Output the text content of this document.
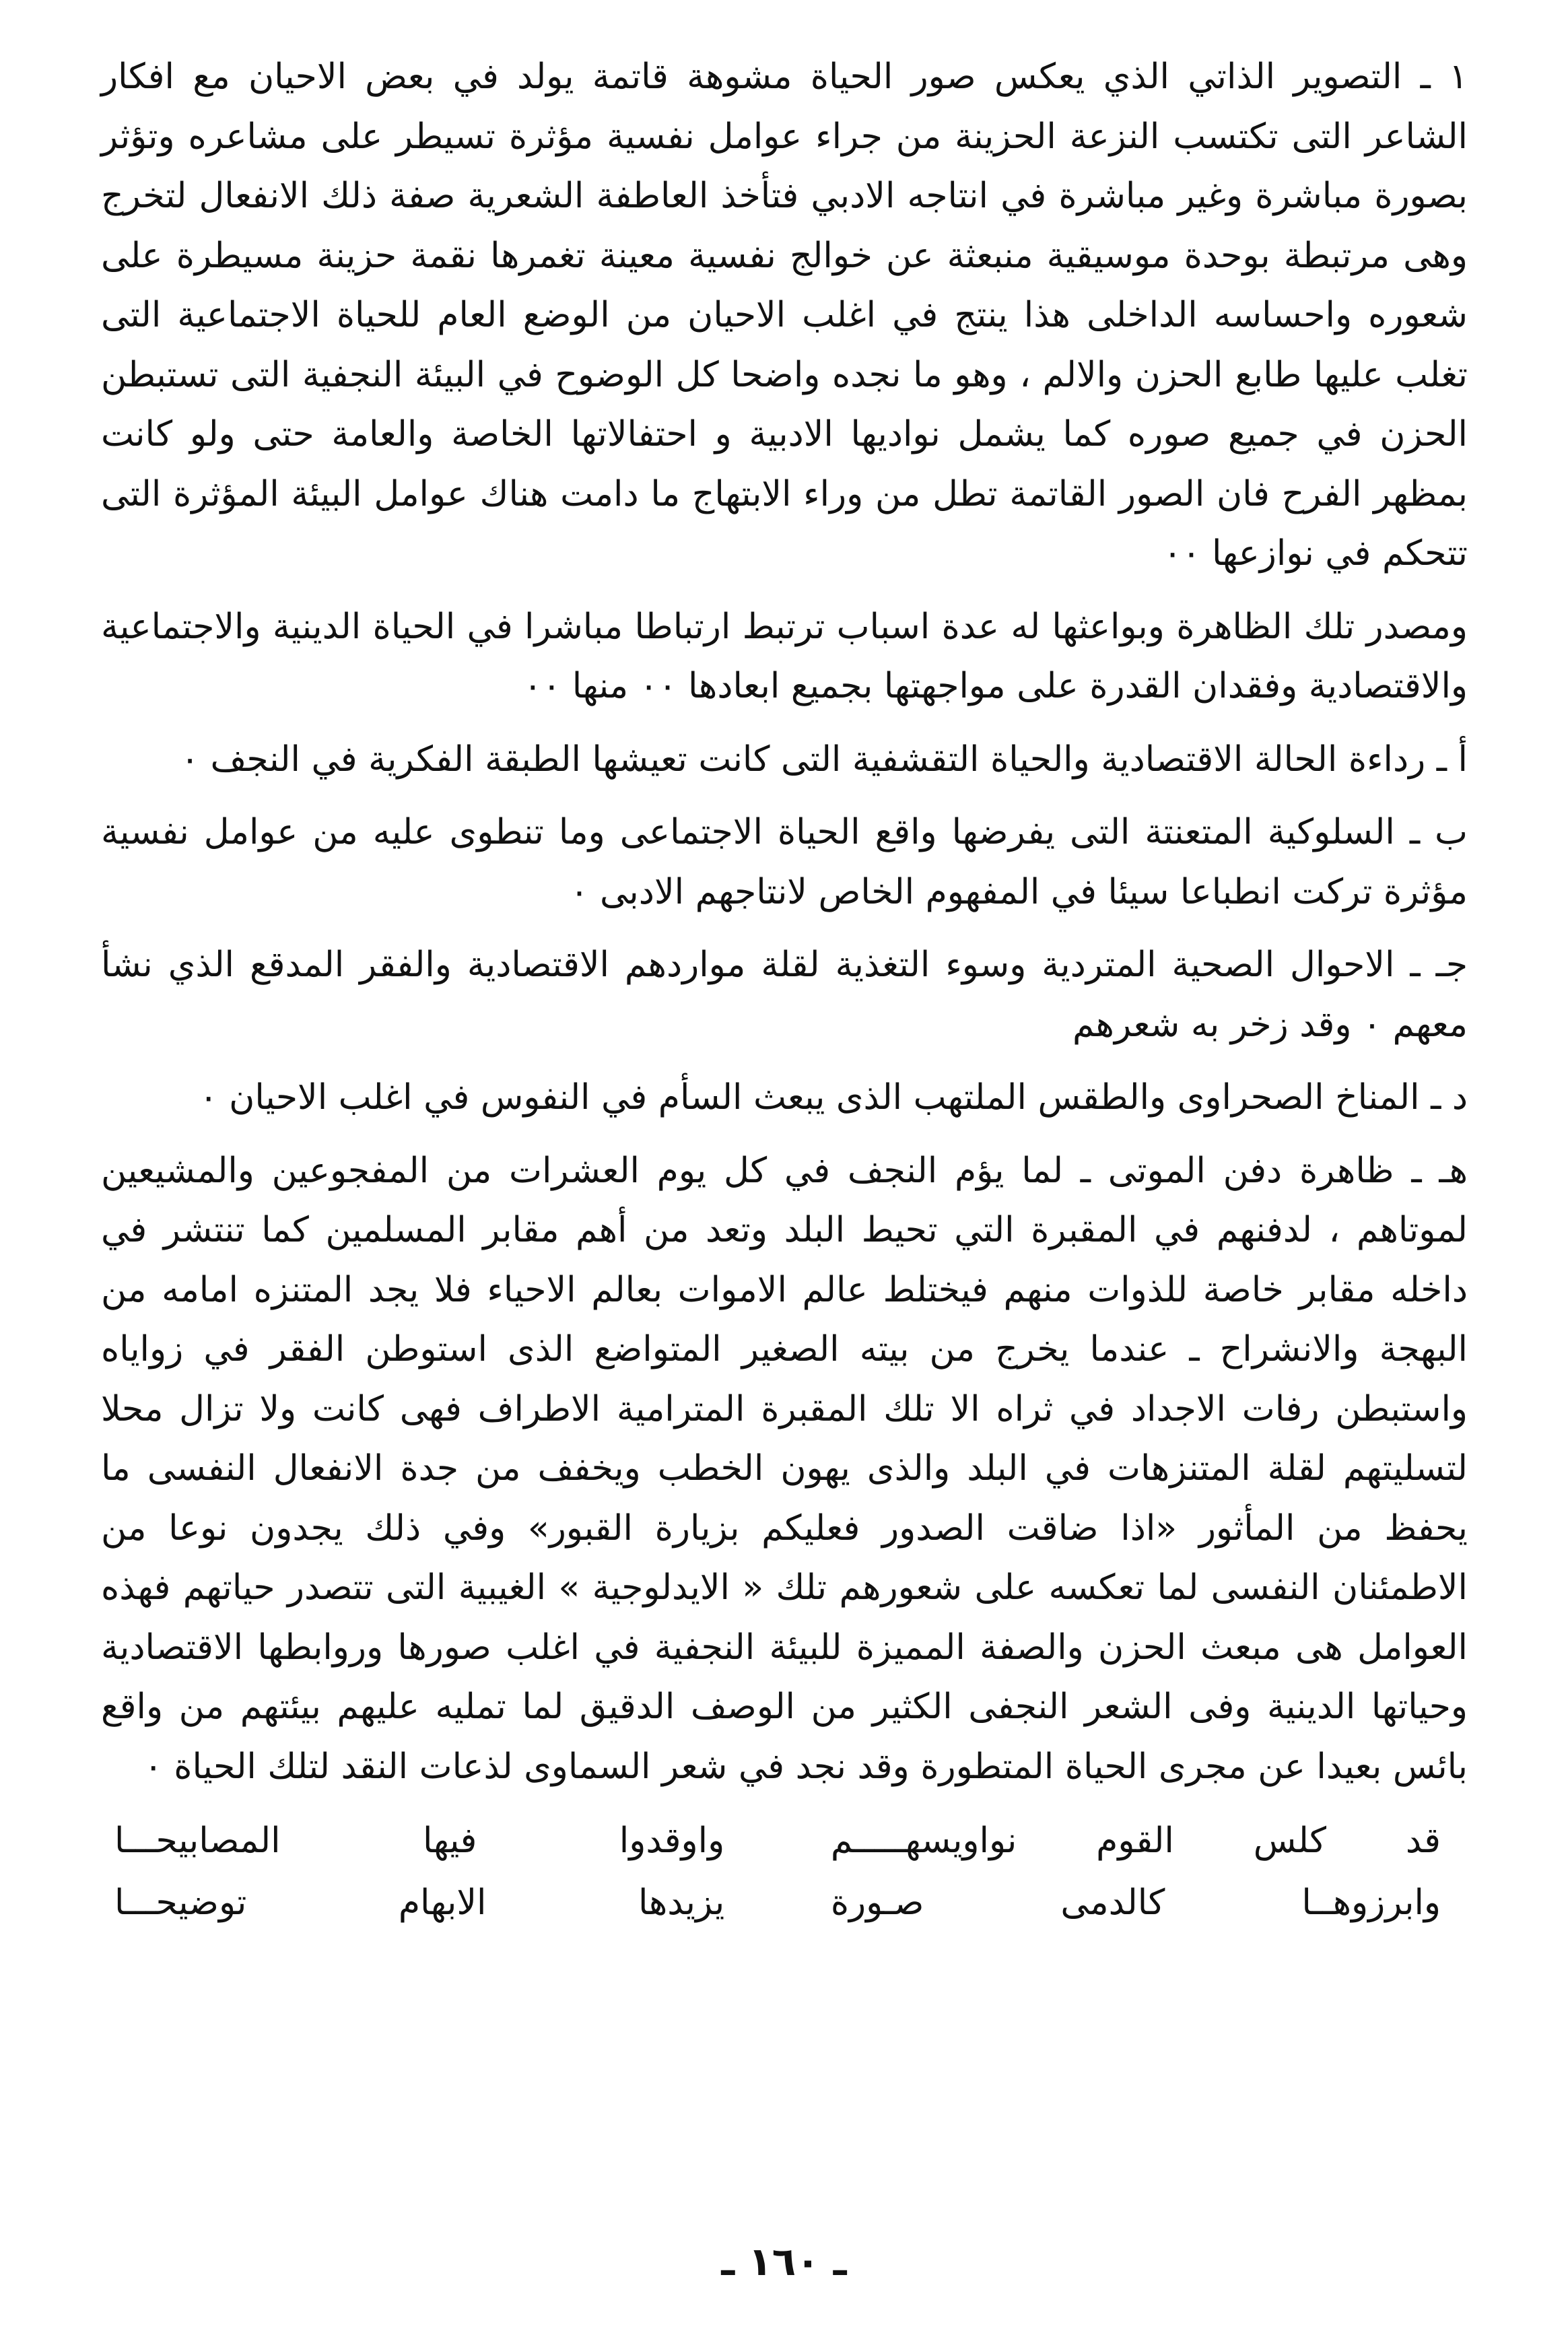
١ ـ التصوير الذاتي الذي يعكس صور الحياة مشوهة قاتمة يولد في بعض الاحيان مع افكار الشاعر التى تكتسب النزعة الحزينة من جراء عوامل نفسية مؤثرة تسيطر على مشاعره وتؤثر بصورة مباشرة وغير مباشرة في انتاجه الادبي فتأخذ العاطفة الشعرية صفة ذلك الانفعال لتخرج وهى مرتبطة بوحدة موسيقية منبعثة عن خوالج نفسية معينة تغمرها نقمة حزينة مسيطرة على شعوره واحساسه الداخلى هذا ينتج في اغلب الاحيان من الوضع العام للحياة الاجتماعية التى تغلب عليها طابع الحزن والالم ، وهو ما نجده واضحا كل الوضوح في البيئة النجفية التى تستبطن الحزن في جميع صوره كما يشمل نواديها الادبية و احتفالاتها الخاصة والعامة حتى ولو كانت بمظهر الفرح فان الصور القاتمة تطل من وراء الابتهاج ما دامت هناك عوامل البيئة المؤثرة التى تتحكم في نوازعها ٠٠

ومصدر تلك الظاهرة وبواعثها له عدة اسباب ترتبط ارتباطا مباشرا في الحياة الدينية والاجتماعية والاقتصادية وفقدان القدرة على مواجهتها بجميع ابعادها ٠٠ منها ٠٠

أ ـ رداءة الحالة الاقتصادية والحياة التقشفية التى كانت تعيشها الطبقة الفكرية في النجف ٠

ب ـ السلوكية المتعنتة التى يفرضها واقع الحياة الاجتماعى وما تنطوى عليه من عوامل نفسية مؤثرة تركت انطباعا سيئا في المفهوم الخاص لانتاجهم الادبى ٠

جـ ـ الاحوال الصحية المتردية وسوء التغذية لقلة مواردهم الاقتصادية والفقر المدقع الذي نشأ معهم ٠ وقد زخر به شعرهم

د ـ المناخ الصحراوى والطقس الملتهب الذى يبعث السأم في النفوس في اغلب الاحيان ٠

هـ ـ ظاهرة دفن الموتى ـ لما يؤم النجف في كل يوم العشرات من المفجوعين والمشيعين لموتاهم ، لدفنهم في المقبرة التي تحيط البلد وتعد من أهم مقابر المسلمين كما تنتشر في داخله مقابر خاصة للذوات منهم فيختلط عالم الاموات بعالم الاحياء فلا يجد المتنزه امامه من البهجة والانشراح ـ عندما يخرج من بيته الصغير المتواضع الذى استوطن الفقر في زواياه واستبطن رفات الاجداد في ثراه الا تلك المقبرة المترامية الاطراف فهى كانت ولا تزال محلا لتسليتهم لقلة المتنزهات في البلد والذى يهون الخطب ويخفف من جدة الانفعال النفسى ما يحفظ من المأثور «اذا ضاقت الصدور فعليكم بزيارة القبور» وفي ذلك يجدون نوعا من الاطمئنان النفسى لما تعكسه على شعورهم تلك « الايدلوجية » الغيبية التى تتصدر حياتهم فهذه العوامل هى مبعث الحزن والصفة المميزة للبيئة النجفية في اغلب صورها وروابطها الاقتصادية وحياتها الدينية وفى الشعر النجفى الكثير من الوصف الدقيق لما تمليه عليهم بيئتهم من واقع بائس بعيدا عن مجرى الحياة المتطورة وقد نجد في شعر السماوى لذعات النقد لتلك الحياة ٠

قد كلس القوم نواويسهـــــم
واوقدوا فيها المصابيحـــا
وابرزوهــا كالدمى صـورة
يزيدها الابهام توضيحـــا
ـ ١٦٠ ـ
